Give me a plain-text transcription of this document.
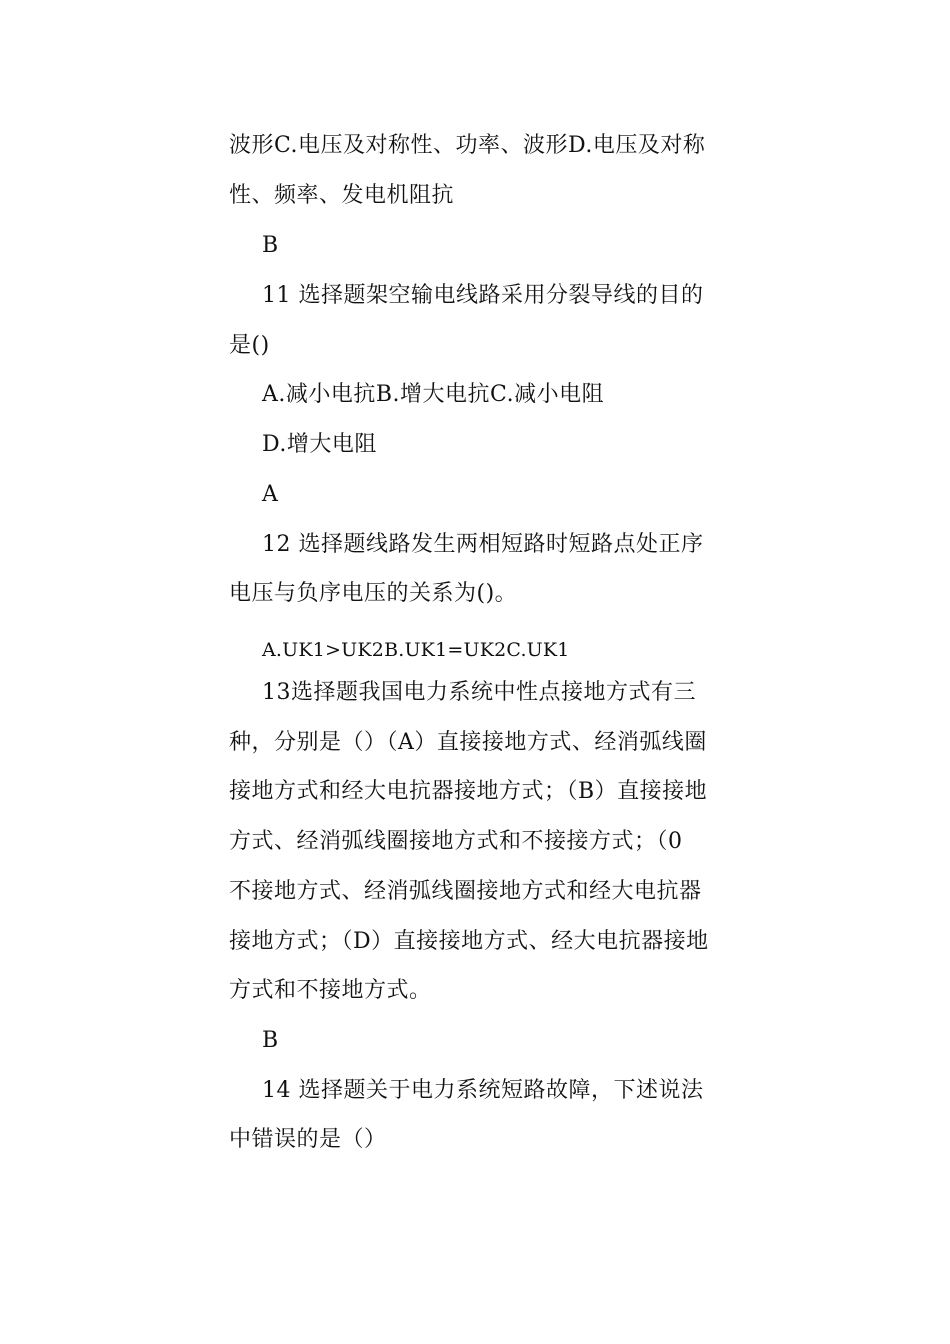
波形C.电压及对称性、功率、波形D.电压及对称
性、频率、发电机阻抗
B
11 选择题架空输电线路采用分裂导线的目的
是()
A.减小电抗B.增大电抗C.减小电阻
D.增大电阻
A
12 选择题线路发生两相短路时短路点处正序
电压与负序电压的关系为()。
A.UK1>UK2B.UK1=UK2C.UK1
13选择题我国电力系统中性点接地方式有三
种，分别是（）（A）直接接地方式、经消弧线圈
接地方式和经大电抗器接地方式；（B）直接接地
方式、经消弧线圈接地方式和不接接方式；（0
不接地方式、经消弧线圈接地方式和经大电抗器
接地方式；（D）直接接地方式、经大电抗器接地
方式和不接地方式。
B
14 选择题关于电力系统短路故障，下述说法
中错误的是（）
